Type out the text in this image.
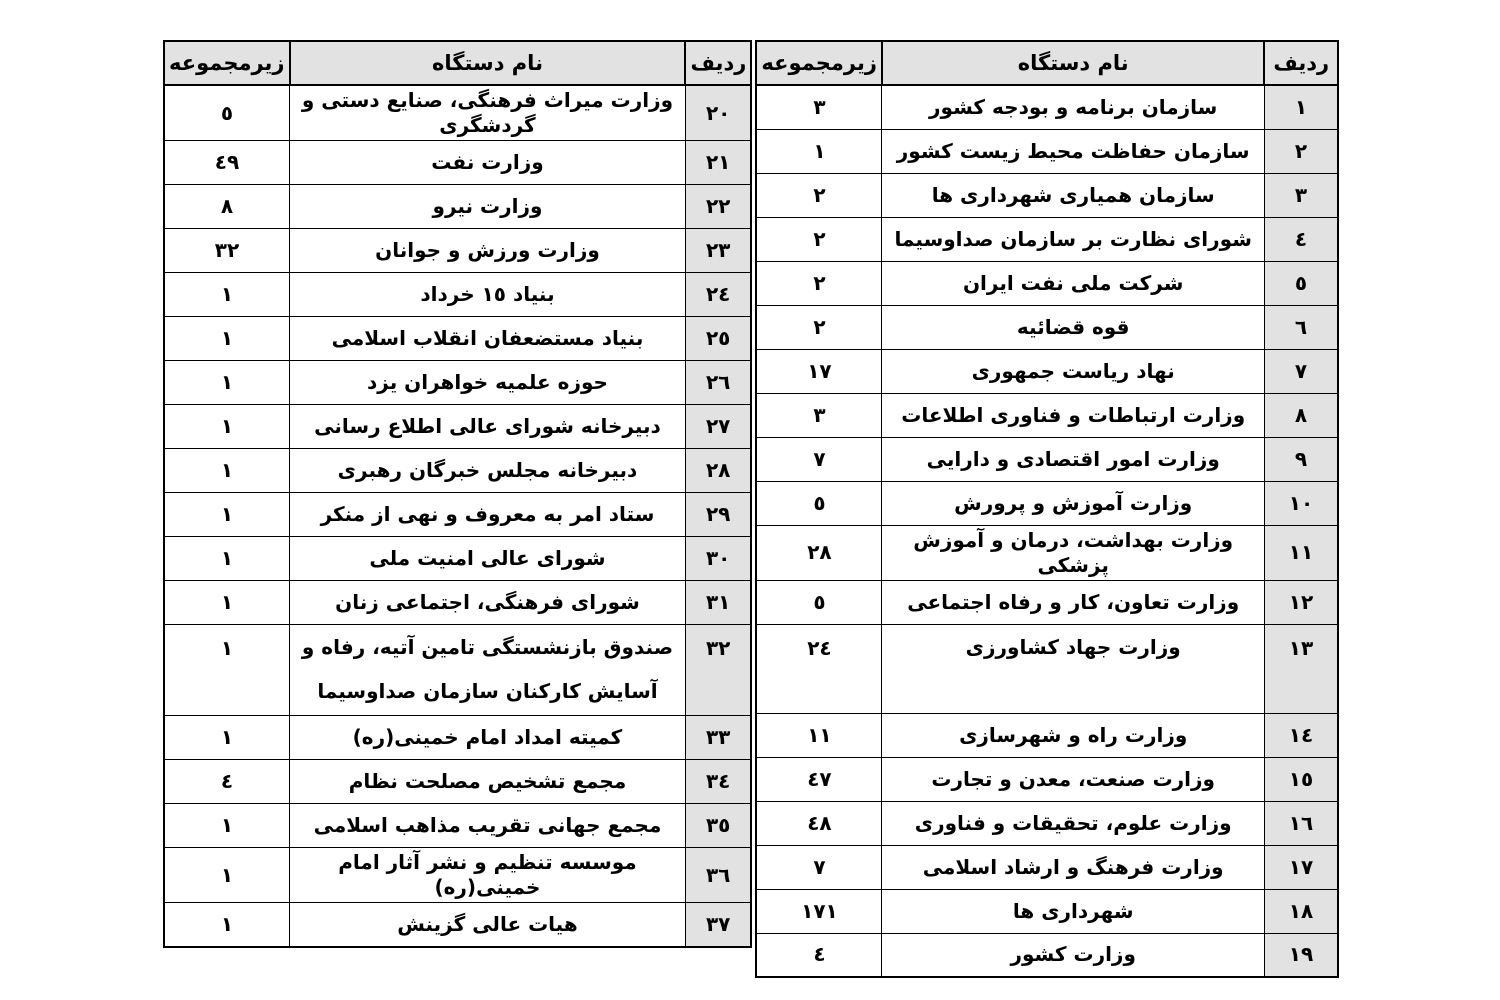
ردیف	نام دستگاه	زیرمجموعه
١	سازمان برنامه و بودجه کشور	٣
٢	سازمان حفاظت محیط زیست کشور	١
٣	سازمان همیاری شهرداری ها	٢
٤	شورای نظارت بر سازمان صداوسیما	٢
٥	شرکت ملی نفت ایران	٢
٦	قوه قضائیه	٢
٧	نهاد ریاست جمهوری	١٧
٨	وزارت ارتباطات و فناوری اطلاعات	٣
٩	وزارت امور اقتصادی و دارایی	٧
١٠	وزارت آموزش و پرورش	٥
١١	وزارت بهداشت، درمان و آموزش پزشکی	٢٨
١٢	وزارت تعاون، کار و رفاه اجتماعی	٥
١٣	وزارت جهاد کشاورزی	٢٤
١٤	وزارت راه و شهرسازی	١١
١٥	وزارت صنعت، معدن و تجارت	٤٧
١٦	وزارت علوم، تحقیقات و فناوری	٤٨
١٧	وزارت فرهنگ و ارشاد اسلامی	٧
١٨	شهرداری ها	١٧١
١٩	وزارت کشور	٤
ردیف	نام دستگاه	زیرمجموعه
٢٠	وزارت میراث فرهنگی، صنایع دستی و گردشگری	٥
٢١	وزارت نفت	٤٩
٢٢	وزارت نیرو	٨
٢٣	وزارت ورزش و جوانان	٣٢
٢٤	بنیاد ١٥ خرداد	١
٢٥	بنیاد مستضعفان انقلاب اسلامی	١
٢٦	حوزه علمیه خواهران یزد	١
٢٧	دبیرخانه شورای عالی اطلاع رسانی	١
٢٨	دبیرخانه مجلس خبرگان رهبری	١
٢٩	ستاد امر به معروف و نهی از منکر	١
٣٠	شورای عالی امنیت ملی	١
٣١	شورای فرهنگی، اجتماعی زنان	١
٣٢	صندوق بازنشستگی تامین آتیه، رفاه و آسایش کارکنان سازمان صداوسیما	١
٣٣	کمیته امداد امام خمینی(ره)	١
٣٤	مجمع تشخیص مصلحت نظام	٤
٣٥	مجمع جهانی تقریب مذاهب اسلامی	١
٣٦	موسسه تنظیم و نشر آثار امام خمینی(ره)	١
٣٧	هیات عالی گزینش	١
